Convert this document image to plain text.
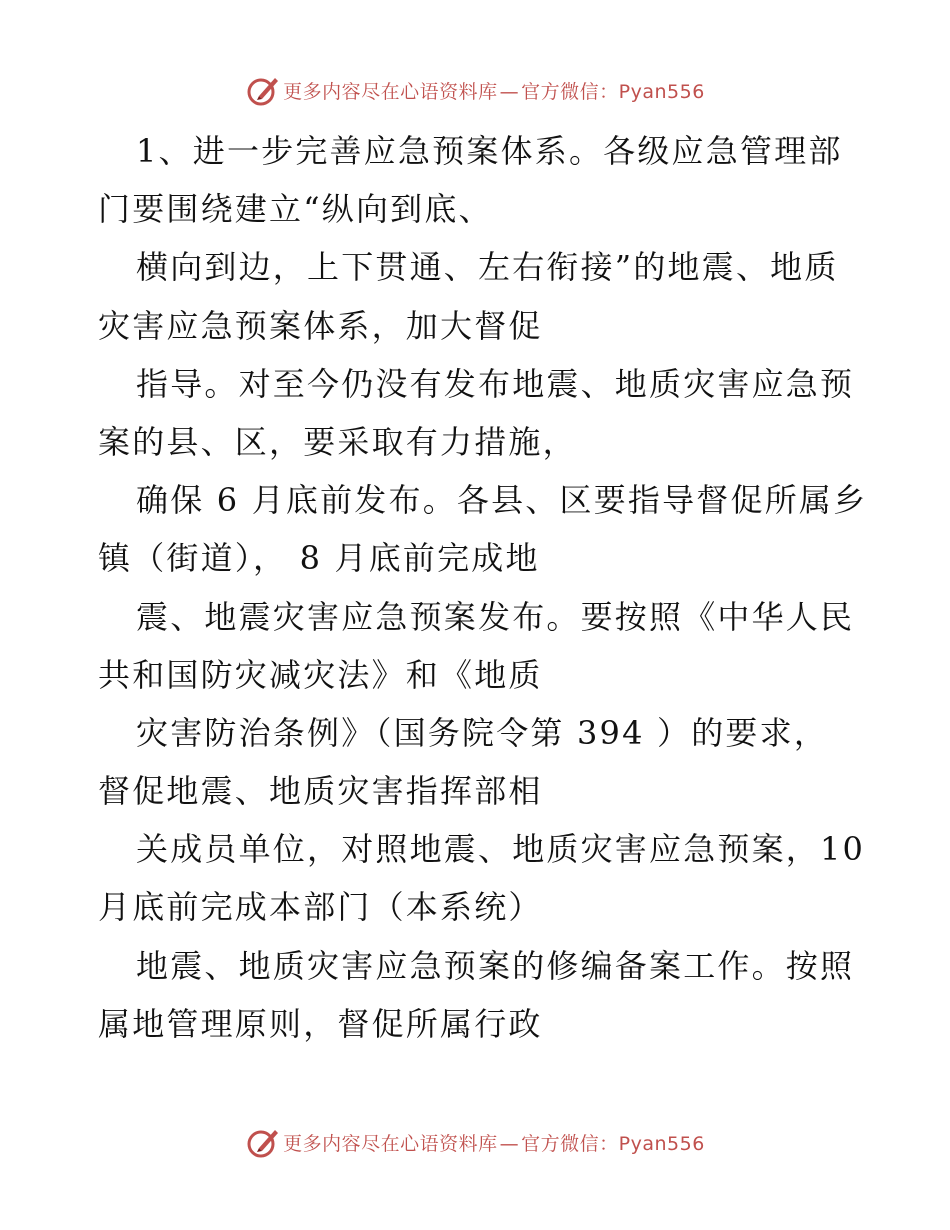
更多内容尽在心语资料库 — 官方微信：Pyan556
1、进一步完善应急预案体系。各级应急管理部
门要围绕建立“纵向到底、
横向到边，上下贯通、左右衔接”的地震、地质
灾害应急预案体系，加大督促
指导。对至今仍没有发布地震、地质灾害应急预
案的县、区，要采取有力措施，
确保 6 月底前发布。各县、区要指导督促所属乡
镇（街道）， 8 月底前完成地
震、地震灾害应急预案发布。要按照《中华人民
共和国防灾减灾法》和《地质
灾害防治条例》（国务院令第 394 ）的要求，
督促地震、地质灾害指挥部相
关成员单位，对照地震、地质灾害应急预案，10
月底前完成本部门（本系统）
地震、地质灾害应急预案的修编备案工作。按照
属地管理原则，督促所属行政
更多内容尽在心语资料库 — 官方微信：Pyan556
